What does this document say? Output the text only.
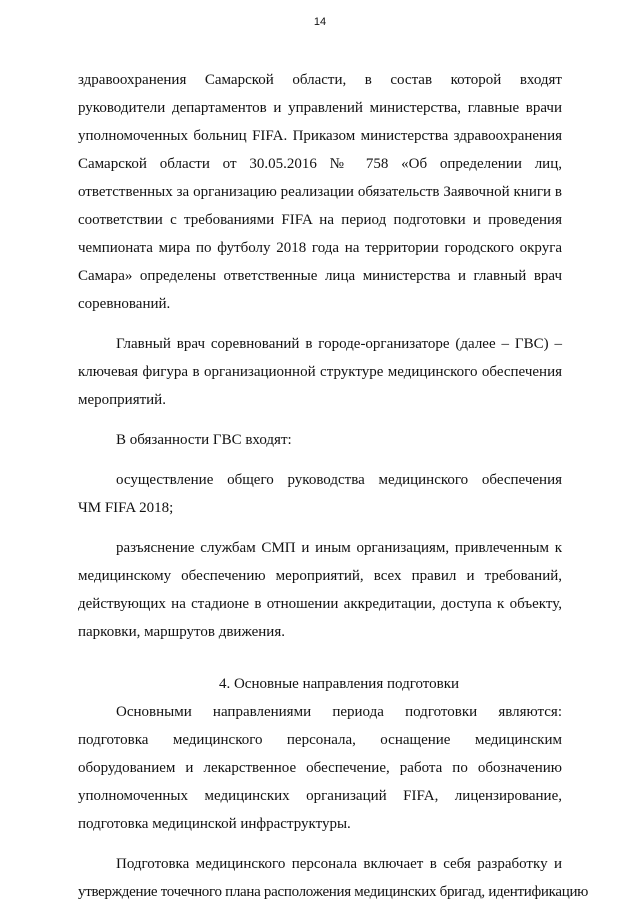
14
здравоохранения Самарской области, в состав которой входят
руководители департаментов и управлений министерства, главные врачи
уполномоченных больниц FIFA. Приказом министерства здравоохранения
Самарской области от 30.05.2016 № 758 «Об определении лиц,
ответственных за организацию реализации обязательств Заявочной книги в
соответствии с требованиями FIFA на период подготовки и проведения
чемпионата мира по футболу 2018 года на территории городского округа
Самара» определены ответственные лица министерства и главный врач
соревнований.
Главный врач соревнований в городе-организаторе (далее – ГВС) –
ключевая фигура в организационной структуре медицинского обеспечения
мероприятий.
В обязанности ГВС входят:
осуществление общего руководства медицинского обеспечения
ЧМ FIFA 2018;
разъяснение службам СМП и иным организациям, привлеченным к
медицинскому обеспечению мероприятий, всех правил и требований,
действующих на стадионе в отношении аккредитации, доступа к объекту,
парковки, маршрутов движения.
4. Основные направления подготовки
Основными направлениями периода подготовки являются:
подготовка медицинского персонала, оснащение медицинским
оборудованием и лекарственное обеспечение, работа по обозначению
уполномоченных медицинских организаций FIFA, лицензирование,
подготовка медицинской инфраструктуры.
Подготовка медицинского персонала включает в себя разработку и
утверждение точечного плана расположения медицинских бригад, идентификацию
